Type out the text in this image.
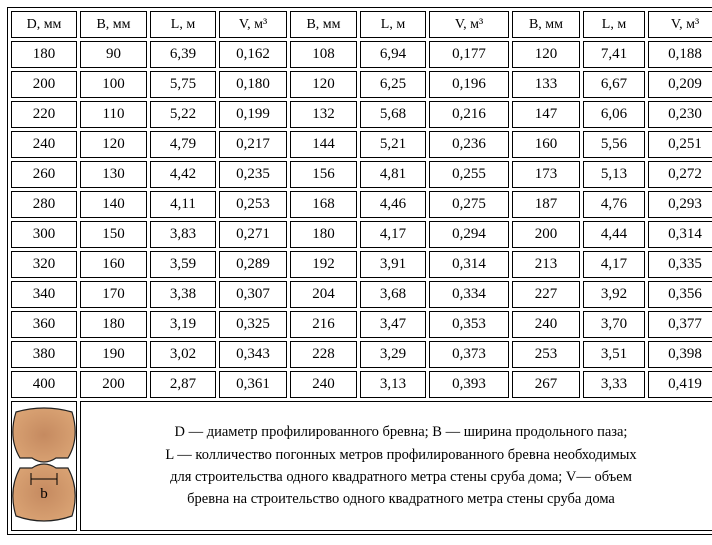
D, мм	B, мм	L, м	V, м³	B, мм	L, м	V, м³	B, мм	L, м	V, м³
180	90	6,39	0,162	108	6,94	0,177	120	7,41	0,188
200	100	5,75	0,180	120	6,25	0,196	133	6,67	0,209
220	110	5,22	0,199	132	5,68	0,216	147	6,06	0,230
240	120	4,79	0,217	144	5,21	0,236	160	5,56	0,251
260	130	4,42	0,235	156	4,81	0,255	173	5,13	0,272
280	140	4,11	0,253	168	4,46	0,275	187	4,76	0,293
300	150	3,83	0,271	180	4,17	0,294	200	4,44	0,314
320	160	3,59	0,289	192	3,91	0,314	213	4,17	0,335
340	170	3,38	0,307	204	3,68	0,334	227	3,92	0,356
360	180	3,19	0,325	216	3,47	0,353	240	3,70	0,377
380	190	3,02	0,343	228	3,29	0,373	253	3,51	0,398
400	200	2,87	0,361	240	3,13	0,393	267	3,33	0,419

b	D — диаметр профилированного бревна; B — ширина продольного паза;
L — колличество погонных метров профилированного бревна необходимых
для строительства одного квадратного метра стены сруба дома; V— объем
бревна на строительство одного квадратного метра стены сруба дома								
